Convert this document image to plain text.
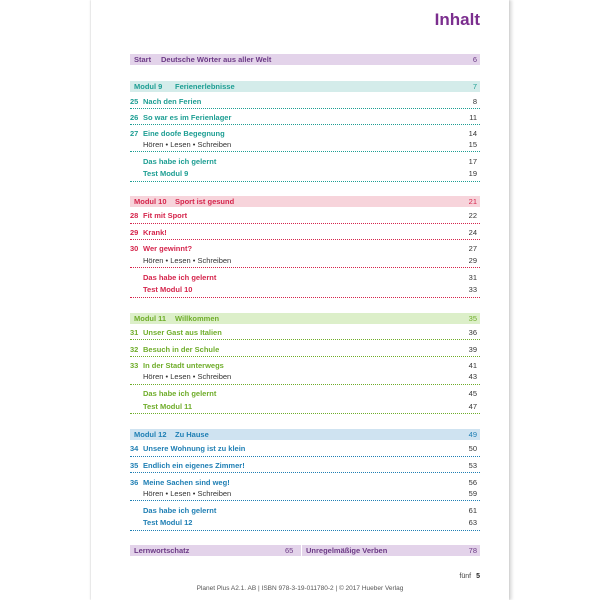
Inhalt
Start Deutsche Wörter aus aller Welt	6
Modul 9 Ferienerlebnisse	7
25 Nach den Ferien	8
26 So war es im Ferienlager	11
27 Eine doofe Begegnung	14
Hören • Lesen • Schreiben	15
Das habe ich gelernt	17
Test Modul 9	19
Modul 10 Sport ist gesund	21
28 Fit mit Sport	22
29 Krank!	24
30 Wer gewinnt?	27
Hören • Lesen • Schreiben	29
Das habe ich gelernt	31
Test Modul 10	33
Modul 11 Willkommen	35
31 Unser Gast aus Italien	36
32 Besuch in der Schule	39
33 In der Stadt unterwegs	41
Hören • Lesen • Schreiben	43
Das habe ich gelernt	45
Test Modul 11	47
Modul 12 Zu Hause	49
34 Unsere Wohnung ist zu klein	50
35 Endlich ein eigenes Zimmer!	53
36 Meine Sachen sind weg!	56
Hören • Lesen • Schreiben	59
Das habe ich gelernt	61
Test Modul 12	63
Lernwortschatz	65 Unregelmäßige Verben	78
fünf 5
Planet Plus A2.1. AB | ISBN 978-3-19-011780-2 | © 2017 Hueber Verlag
